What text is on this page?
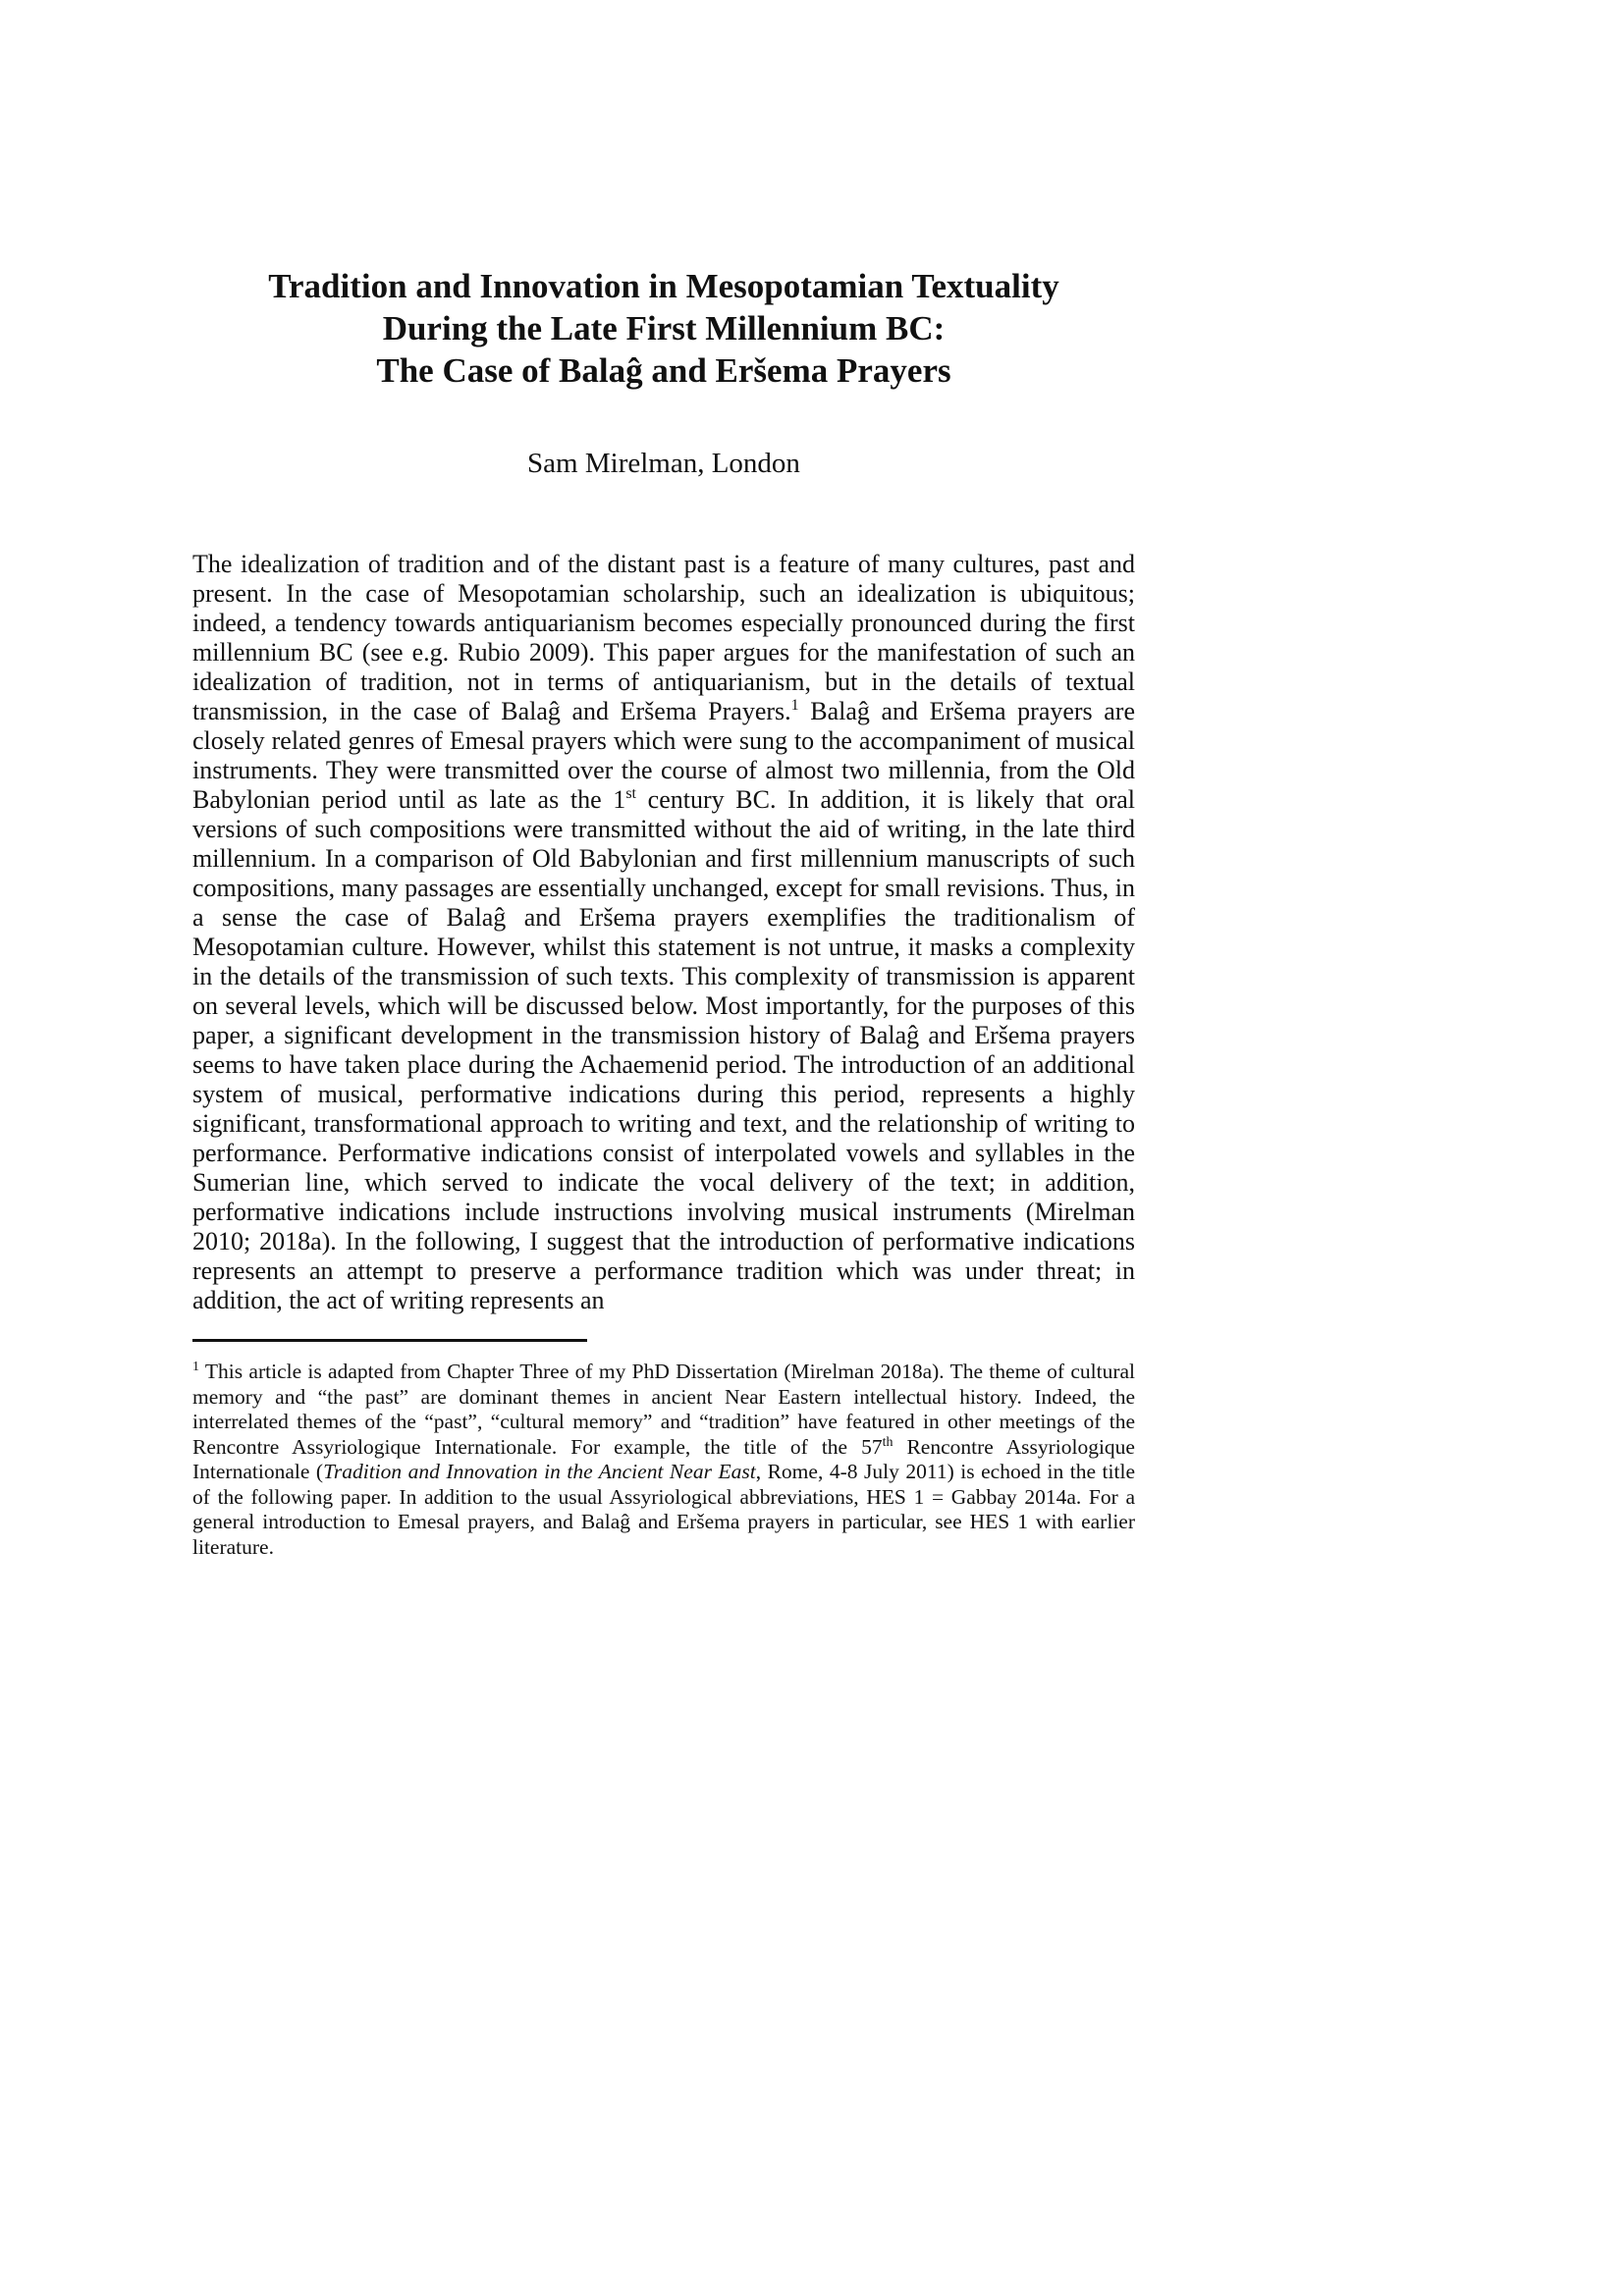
Tradition and Innovation in Mesopotamian Textuality
During the Late First Millennium BC:
The Case of Balaĝ and Eršema Prayers
Sam Mirelman, London

The idealization of tradition and of the distant past is a feature of many cultures, past and present. In the case of Mesopotamian scholarship, such an idealization is ubiquitous; indeed, a tendency towards antiquarianism becomes especially pronounced during the first millennium BC (see e.g. Rubio 2009). This paper argues for the manifestation of such an idealization of tradition, not in terms of antiquarianism, but in the details of textual transmission, in the case of Balaĝ and Eršema Prayers.$^1$ Balaĝ and Eršema prayers are closely related genres of Emesal prayers which were sung to the accompaniment of musical instruments. They were transmitted over the course of almost two millennia, from the Old Babylonian period until as late as the 1st century BC. In addition, it is likely that oral versions of such compositions were transmitted without the aid of writing, in the late third millennium. In a comparison of Old Babylonian and first millennium manuscripts of such compositions, many passages are essentially unchanged, except for small revisions. Thus, in a sense the case of Balaĝ and Eršema prayers exemplifies the traditionalism of Mesopotamian culture. However, whilst this statement is not untrue, it masks a complexity in the details of the transmission of such texts. This complexity of transmission is apparent on several levels, which will be discussed below. Most importantly, for the purposes of this paper, a significant development in the transmission history of Balaĝ and Eršema prayers seems to have taken place during the Achaemenid period. The introduction of an additional system of musical, performative indications during this period, represents a highly significant, transformational approach to writing and text, and the relationship of writing to performance. Performative indications consist of interpolated vowels and syllables in the Sumerian line, which served to indicate the vocal delivery of the text; in addition, performative indications include instructions involving musical instruments (Mirelman 2010; 2018a). In the following, I suggest that the introduction of performative indications represents an attempt to preserve a performance tradition which was under threat; in addition, the act of writing represents an

$^1$ This article is adapted from Chapter Three of my PhD Dissertation (Mirelman 2018a). The theme of cultural memory and “the past” are dominant themes in ancient Near Eastern intellectual history. Indeed, the interrelated themes of the “past”, “cultural memory” and “tradition” have featured in other meetings of the Rencontre Assyriologique Internationale. For example, the title of the 57th Rencontre Assyriologique Internationale (Tradition and Innovation in the Ancient Near East, Rome, 4-8 July 2011) is echoed in the title of the following paper. In addition to the usual Assyriological abbreviations, HES 1 = Gabbay 2014a. For a general introduction to Emesal prayers, and Balaĝ and Eršema prayers in particular, see HES 1 with earlier literature.
